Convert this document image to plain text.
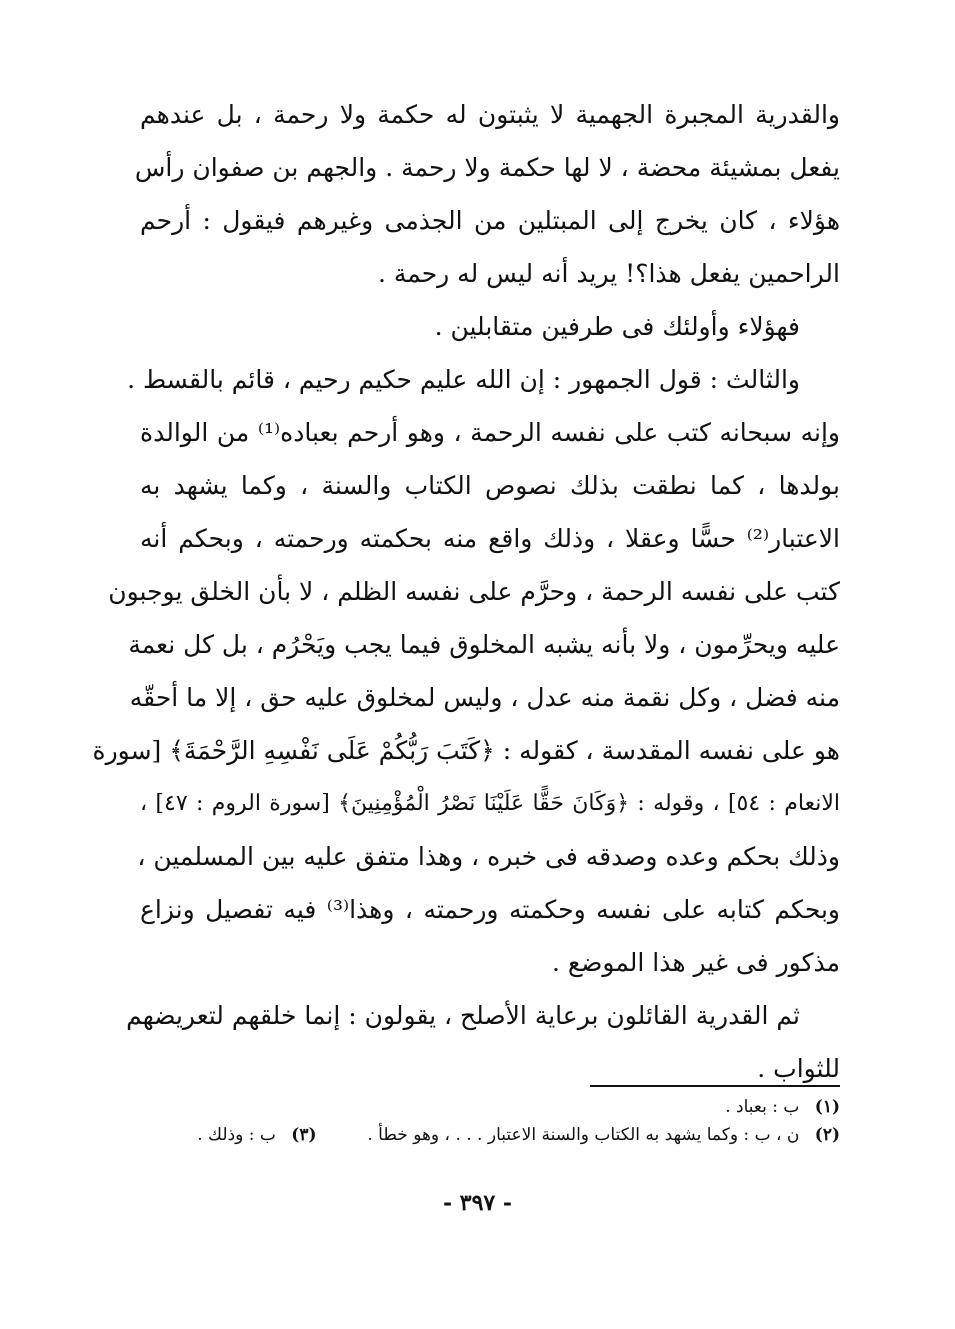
والقدرية المجبرة الجهمية لا يثبتون له حكمة ولا رحمة ، بل عندهم
يفعل بمشيئة محضة ، لا لها حكمة ولا رحمة . والجهم بن صفوان رأس
هؤلاء ، كان يخرج إلى المبتلين من الجذمى وغيرهم فيقول : أرحم
الراحمين يفعل هذا؟! يريد أنه ليس له رحمة .
فهؤلاء وأولئك فى طرفين متقابلين .
والثالث : قول الجمهور : إن الله عليم حكيم رحيم ، قائم بالقسط .
وإنه سبحانه كتب على نفسه الرحمة ، وهو أرحم بعباده⁽¹⁾ من الوالدة
بولدها ، كما نطقت بذلك نصوص الكتاب والسنة ، وكما يشهد به
الاعتبار⁽²⁾ حسًّا وعقلا ، وذلك واقع منه بحكمته ورحمته ، وبحكم أنه
كتب على نفسه الرحمة ، وحرَّم على نفسه الظلم ، لا بأن الخلق يوجبون
عليه ويحرِّمون ، ولا بأنه يشبه المخلوق فيما يجب ويَحْرُم ، بل كل نعمة
منه فضل ، وكل نقمة منه عدل ، وليس لمخلوق عليه حق ، إلا ما أحقّه
هو على نفسه المقدسة ، كقوله : ﴿كَتَبَ رَبُّكُمْ عَلَى نَفْسِهِ الرَّحْمَةَ﴾ [سورة
الانعام : ٥٤] ، وقوله : ﴿وَكَانَ حَقًّا عَلَيْنَا نَصْرُ الْمُؤْمِنِينَ﴾ [سورة الروم : ٤٧] ،
وذلك بحكم وعده وصدقه فى خبره ، وهذا متفق عليه بين المسلمين ،
وبحكم كتابه على نفسه وحكمته ورحمته ، وهذا⁽³⁾ فيه تفصيل ونزاع
مذكور فى غير هذا الموضع .
ثم القدرية القائلون برعاية الأصلح ، يقولون : إنما خلقهم لتعريضهم
للثواب .
(١) ب : بعباد .
(٢) ن ، ب : وكما يشهد به الكتاب والسنة الاعتبار . . . ، وهو خطأ .  (٣) ب : وذلك .
- ٣٩٧ -
